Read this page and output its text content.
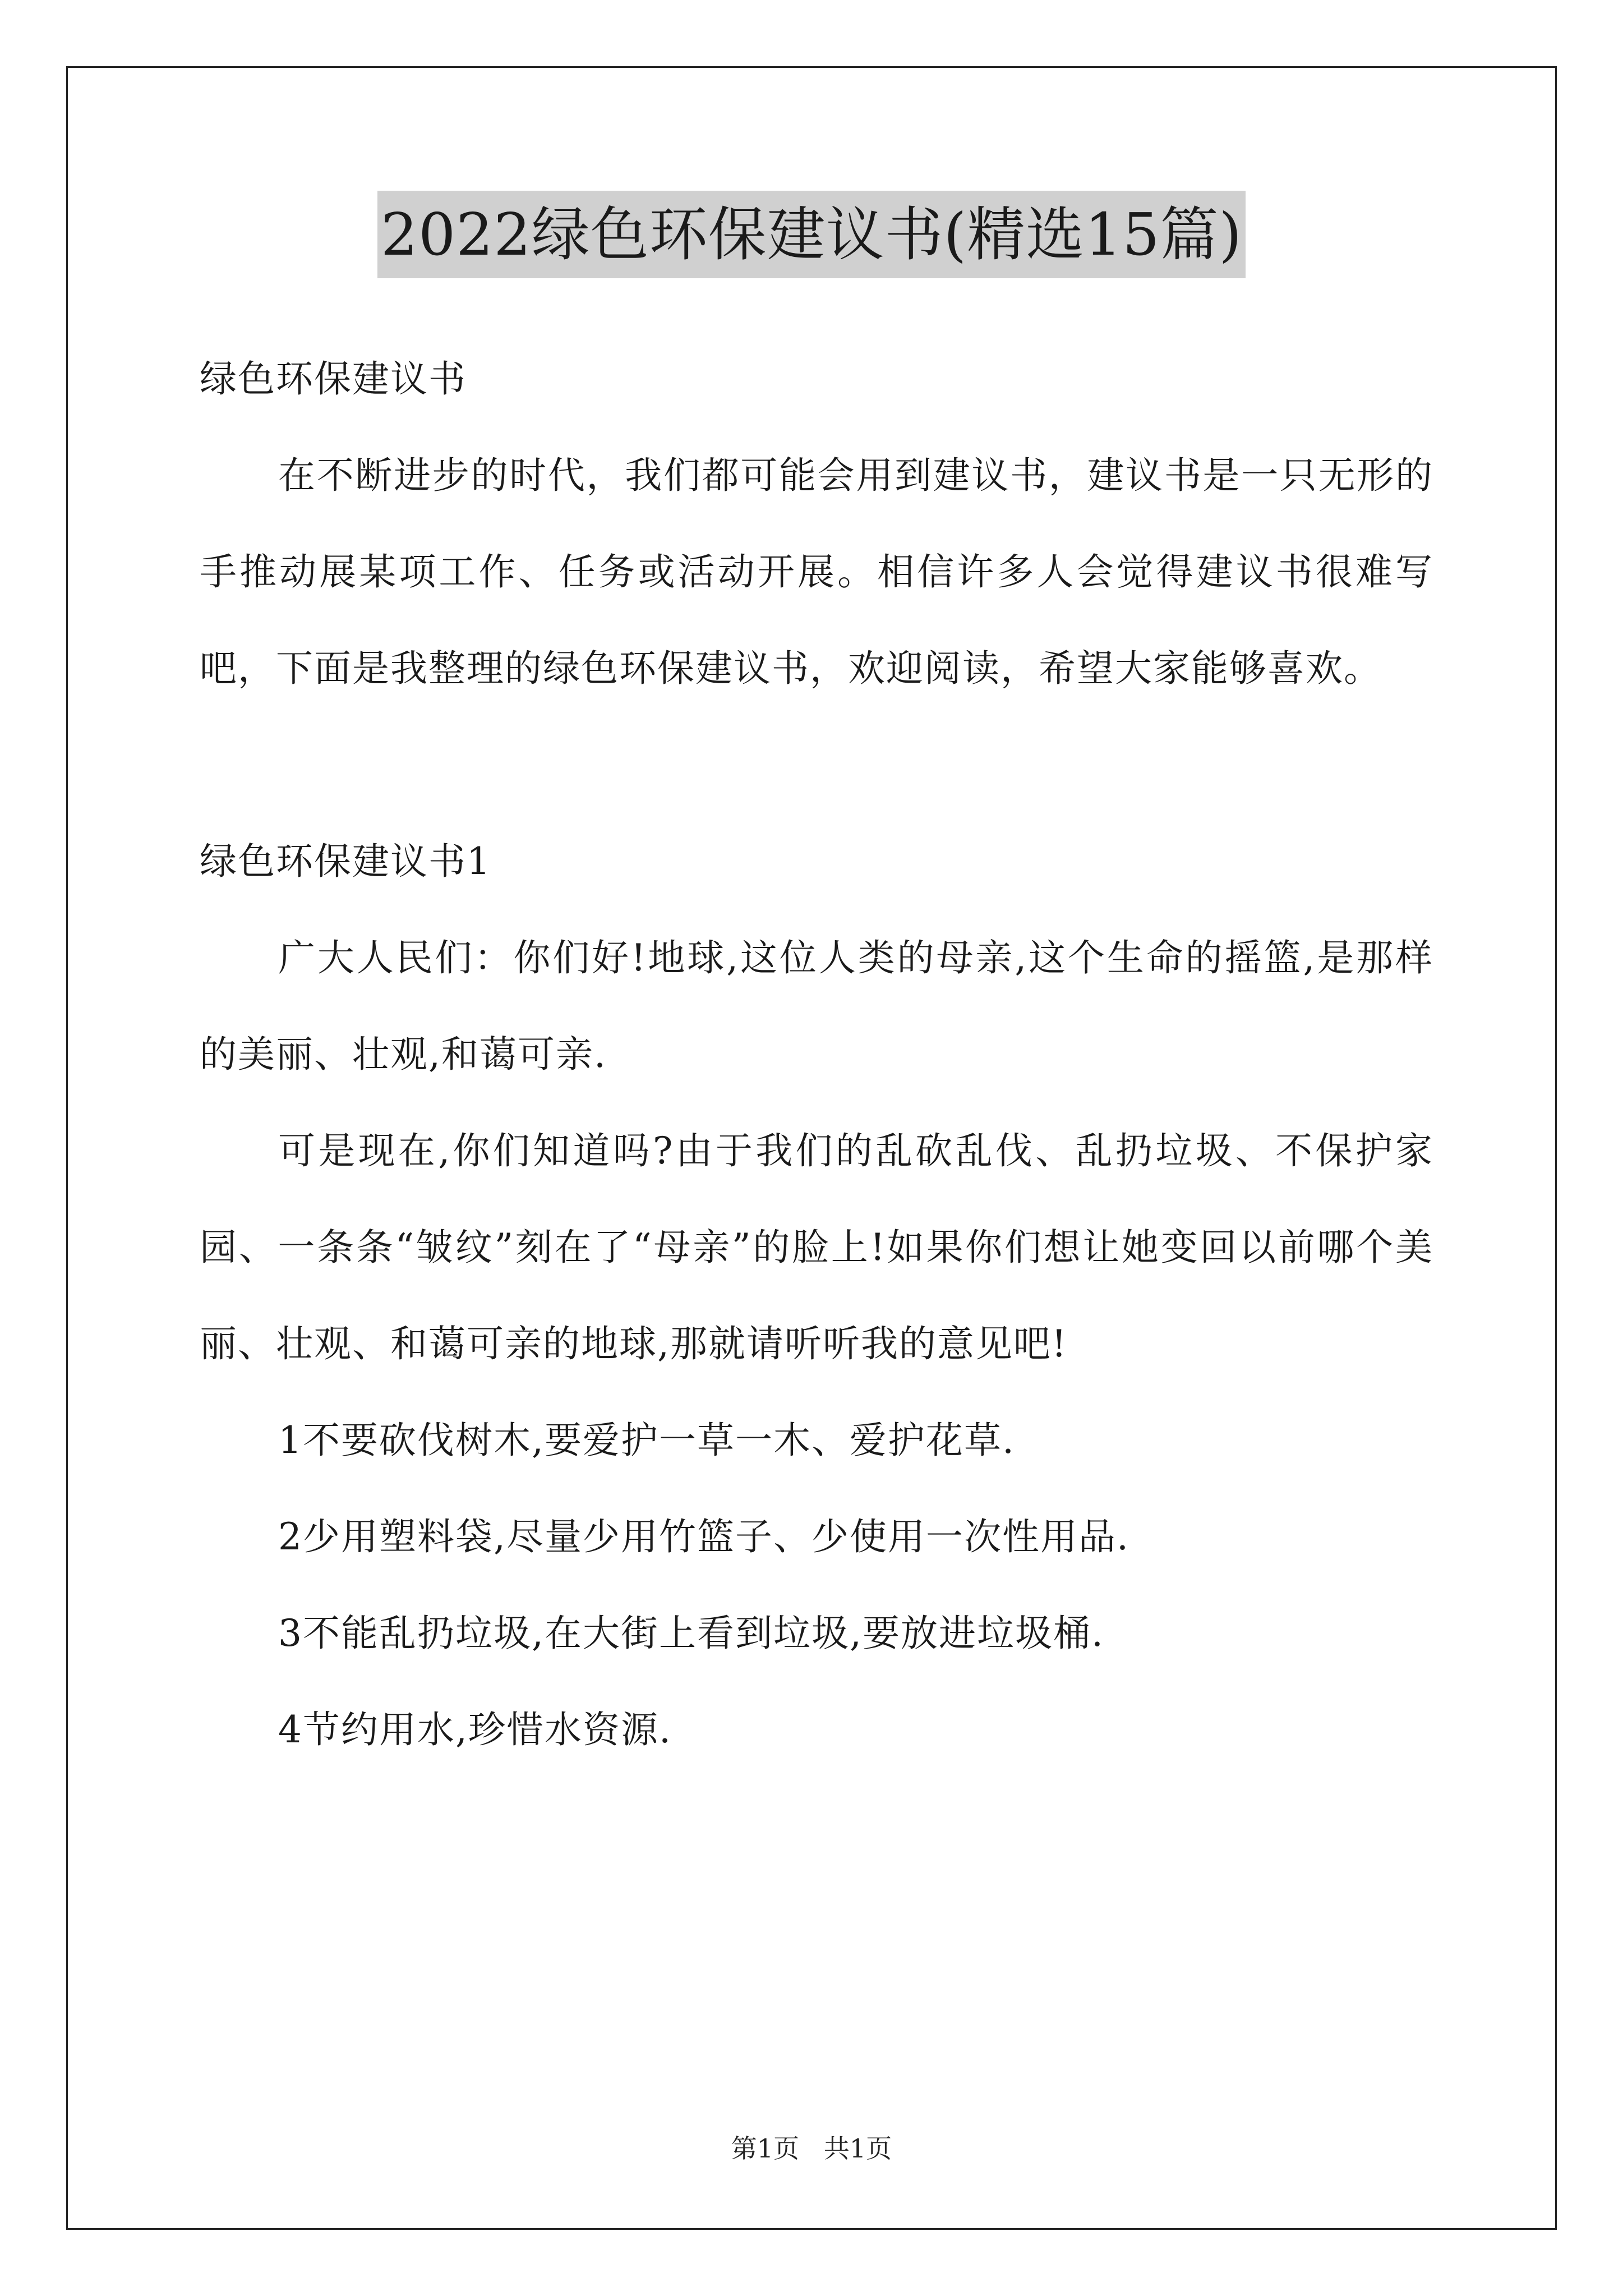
2022绿色环保建议书(精选15篇)

绿色环保建议书

在不断进步的时代，我们都可能会用到建议书，建议书是一只无形的手推动展某项工作、任务或活动开展。相信许多人会觉得建议书很难写吧，下面是我整理的绿色环保建议书，欢迎阅读，希望大家能够喜欢。

绿色环保建议书1

广大人民们：你们好!地球,这位人类的母亲,这个生命的摇篮,是那样的美丽、壮观,和蔼可亲.

可是现在,你们知道吗?由于我们的乱砍乱伐、乱扔垃圾、不保护家园、一条条“皱纹”刻在了“母亲”的脸上!如果你们想让她变回以前哪个美丽、壮观、和蔼可亲的地球,那就请听听我的意见吧!

1不要砍伐树木,要爱护一草一木、爱护花草.

2少用塑料袋,尽量少用竹篮子、少使用一次性用品.

3不能乱扔垃圾,在大街上看到垃圾,要放进垃圾桶.

4节约用水,珍惜水资源.

第1页   共1页
